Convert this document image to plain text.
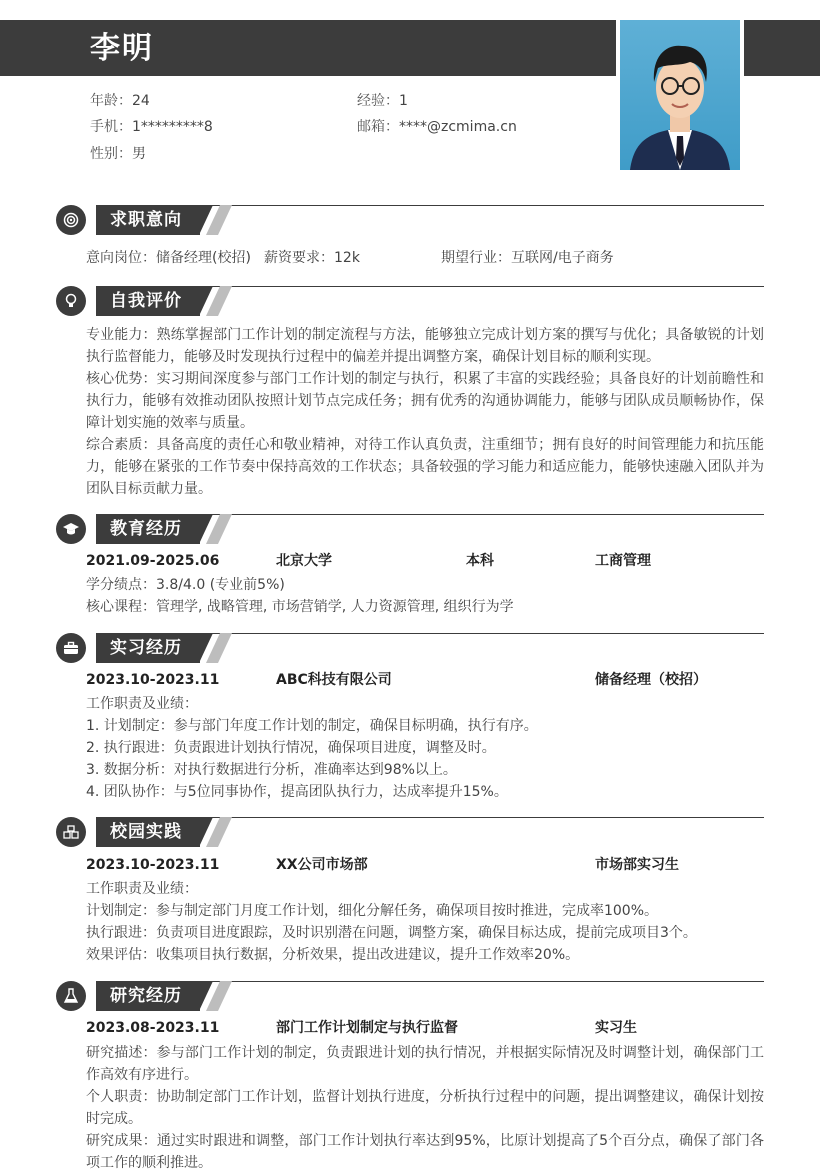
李明
年龄：24	经验：1
手机：1*********8	邮箱：****@zcmima.cn
性别：男
求职意向
意向岗位：储备经理(校招) 薪资要求：12k	期望行业：互联网/电子商务
自我评价

专业能力：熟练掌握部门工作计划的制定流程与方法，能够独立完成计划方案的撰写与优化；具备敏锐的计划执行监督能力，能够及时发现执行过程中的偏差并提出调整方案，确保计划目标的顺利实现。

核心优势：实习期间深度参与部门工作计划的制定与执行，积累了丰富的实践经验；具备良好的计划前瞻性和执行力，能够有效推动团队按照计划节点完成任务；拥有优秀的沟通协调能力，能够与团队成员顺畅协作，保障计划实施的效率与质量。

综合素质：具备高度的责任心和敬业精神，对待工作认真负责，注重细节；拥有良好的时间管理能力和抗压能力，能够在紧张的工作节奏中保持高效的工作状态；具备较强的学习能力和适应能力，能够快速融入团队并为团队目标贡献力量。

教育经历
2021.09-2025.06	北京大学	本科	工商管理
学分绩点：3.8/4.0 (专业前5%)
核心课程：管理学, 战略管理, 市场营销学, 人力资源管理, 组织行为学
实习经历
2023.10-2023.11	ABC科技有限公司	储备经理（校招）
工作职责及业绩：
1. 计划制定：参与部门年度工作计划的制定，确保目标明确，执行有序。
2. 执行跟进：负责跟进计划执行情况，确保项目进度，调整及时。
3. 数据分析：对执行数据进行分析，准确率达到98%以上。
4. 团队协作：与5位同事协作，提高团队执行力，达成率提升15%。
校园实践
2023.10-2023.11	XX公司市场部	市场部实习生
工作职责及业绩：
计划制定：参与制定部门月度工作计划，细化分解任务，确保项目按时推进，完成率100%。
执行跟进：负责项目进度跟踪，及时识别潜在问题，调整方案，确保目标达成，提前完成项目3个。
效果评估：收集项目执行数据，分析效果，提出改进建议，提升工作效率20%。
研究经历
2023.08-2023.11	部门工作计划制定与执行监督	实习生

研究描述：参与部门工作计划的制定，负责跟进计划的执行情况，并根据实际情况及时调整计划，确保部门工作高效有序进行。

个人职责：协助制定部门工作计划，监督计划执行进度，分析执行过程中的问题，提出调整建议，确保计划按时完成。

研究成果：通过实时跟进和调整，部门工作计划执行率达到95%，比原计划提高了5个百分点，确保了部门各项工作的顺利推进。
